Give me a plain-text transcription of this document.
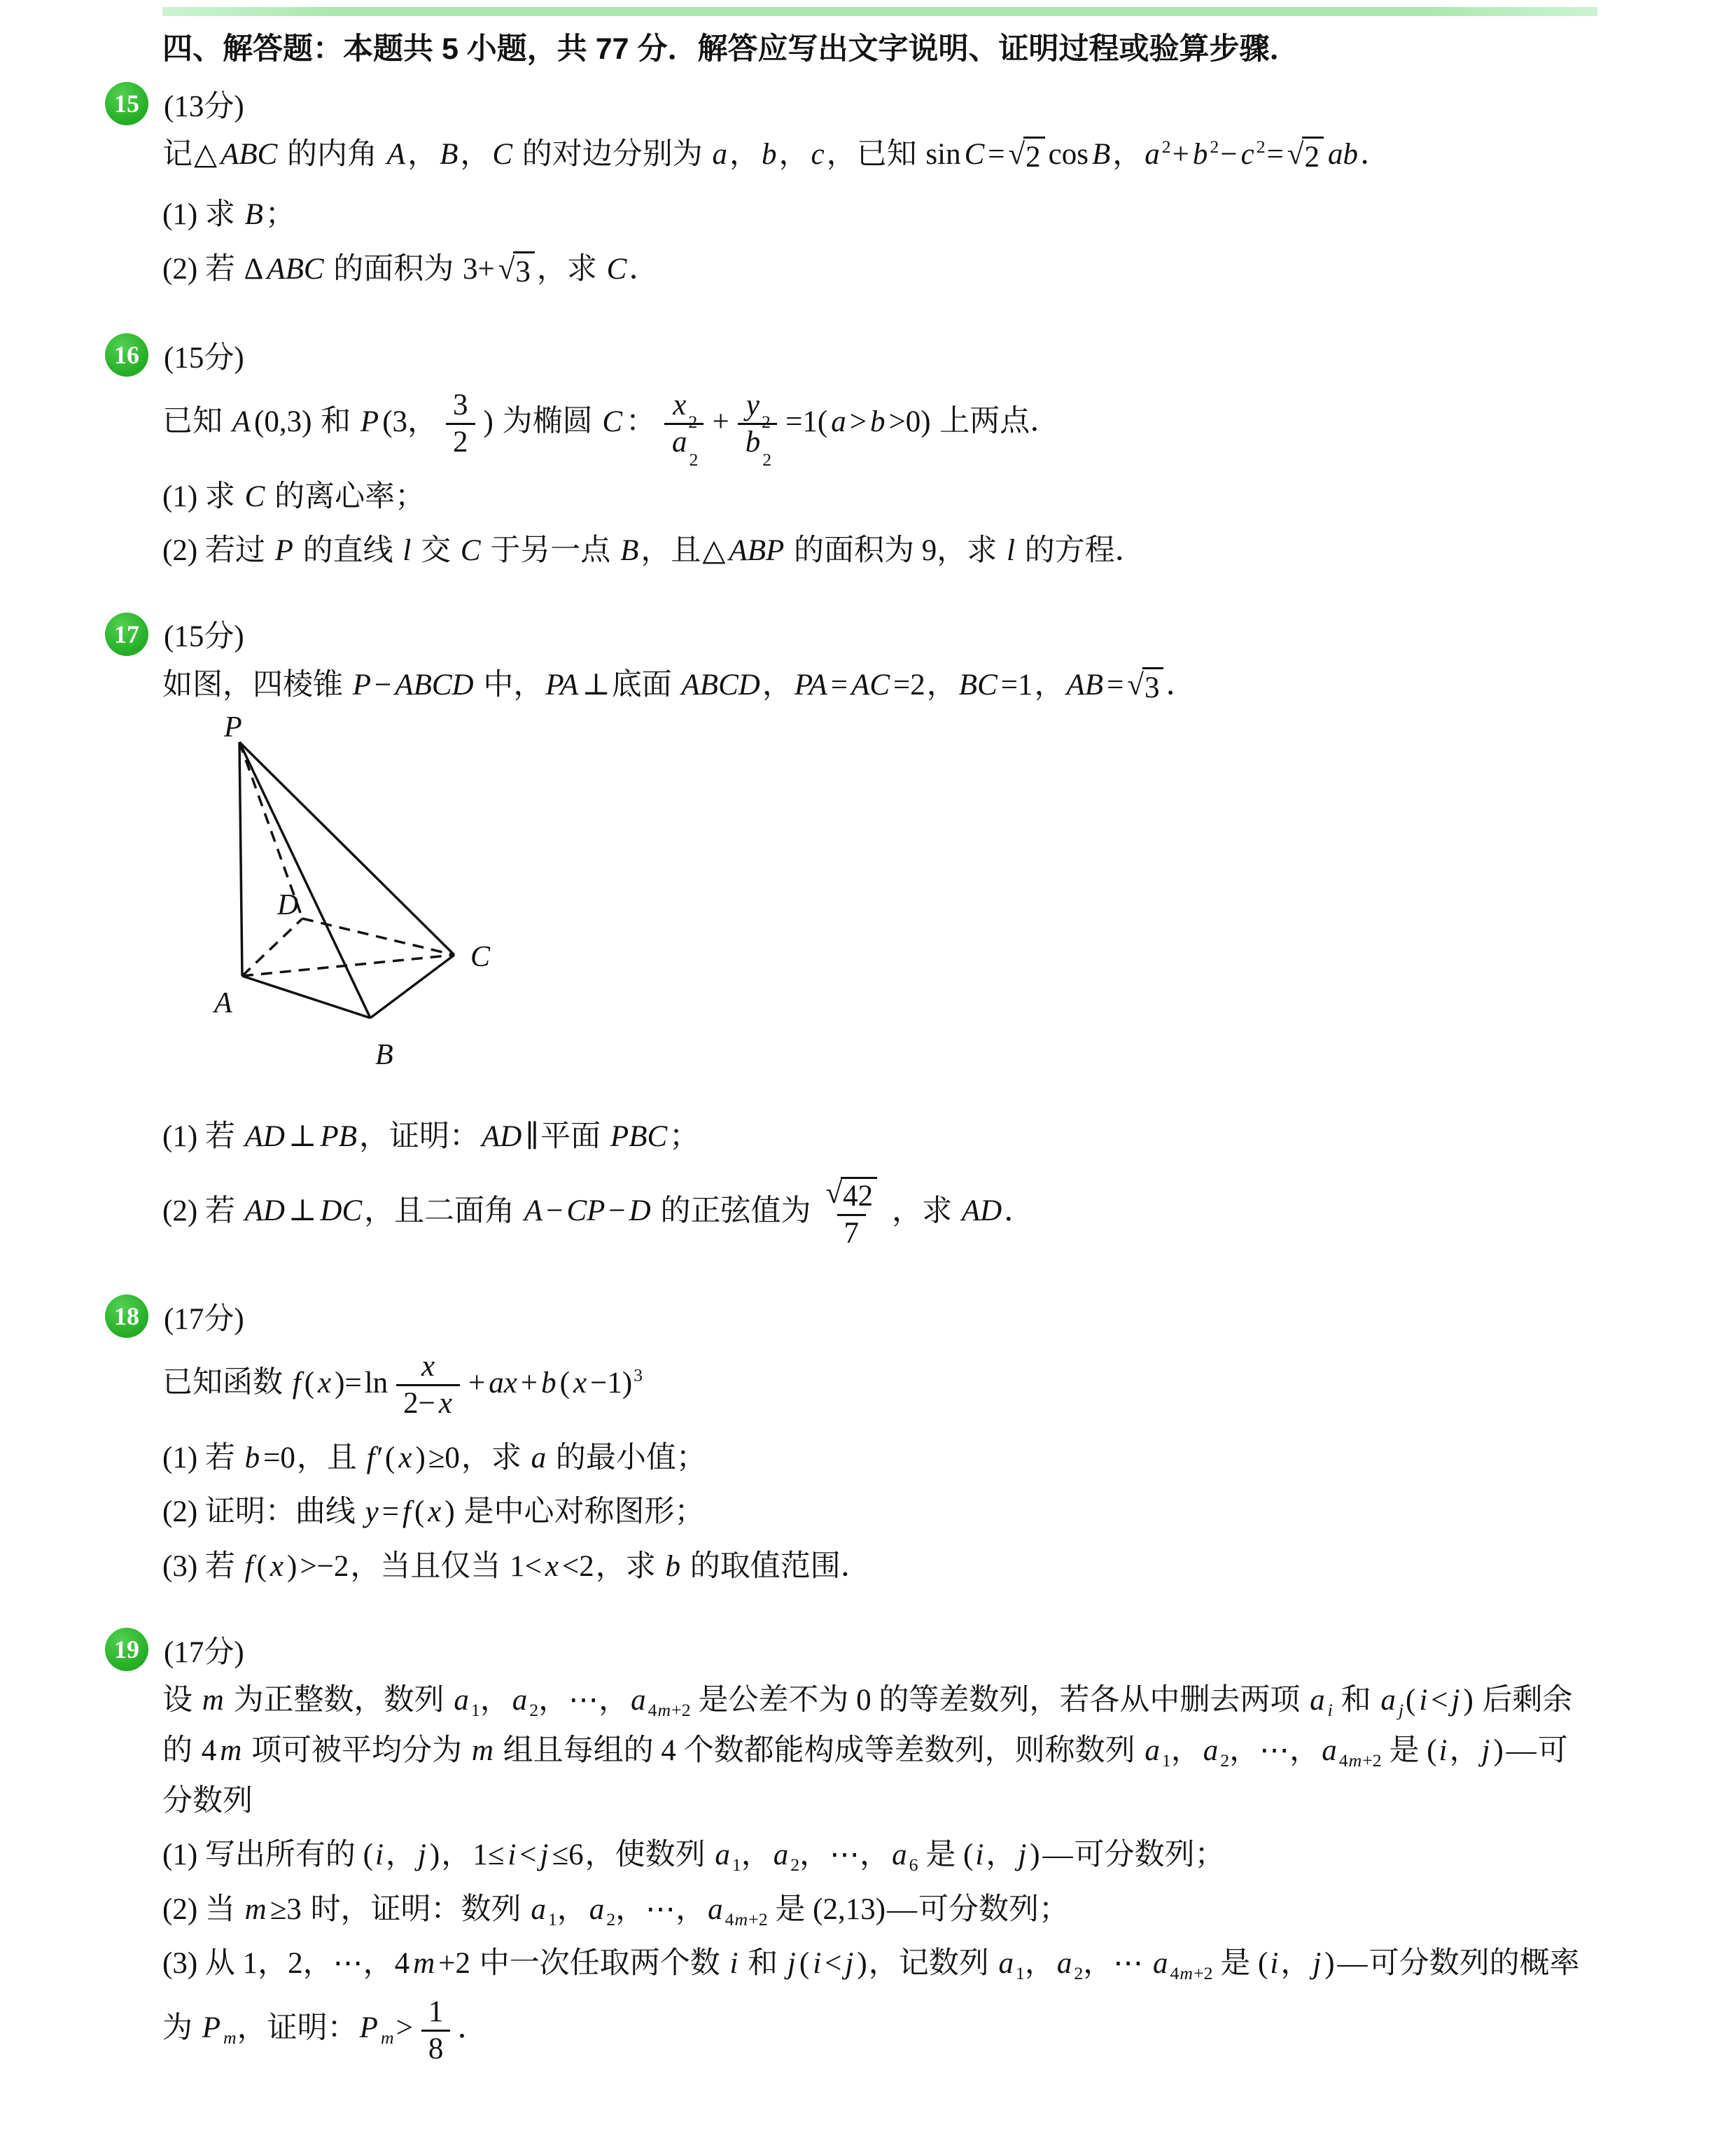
四、解答题：本题共 5 小题，共 77 分．解答应写出文字说明、证明过程或验算步骤．
15 (13分)
记△ ABC 的内角 A，B，C 的对边分别为 a，b，c，已知 sin C = √ 2 cos B，a $^2$+ b $^2$− c $^2$= √ 2 ab．
(1) 求 B；
(2) 若 Δ ABC 的面积为 3+ √ 3 ，求 C．
16 (15分)
已知 A (0,3) 和 P (3， $\frac{3}{2}$ ) 为椭圆 C ： x
2
a
2 + y
2
b
2 =1( a > b >0) 上两点．
(1) 求 C 的离心率；
(2) 若过 P 的直线 l 交 C 于另一点 B，且△ ABP 的面积为 9，求 l 的方程．
17 (15分)
如图，四棱锥 P − ABCD 中，PA ⊥底面 ABCD，PA = AC =2，BC =1，AB = √ 3 ．
P
A
B
C
D
(1) 若 AD ⊥ PB，证明：AD ∥平面 PBC；
(2) 若 AD ⊥ DC，且二面角 A − CP − D 的正弦值为 $\frac{√ 42}{7}$ ，求 AD．
18 (17分)
已知函数 f ( x )$=\ln \frac{x}{2- x}$ + ax + b ( x −1)$^3$
(1) 若 b =0，且 f′ ( x )≥0，求 a 的最小值；
(2) 证明：曲线 y = f ( x ) 是中心对称图形；
(3) 若 f ( x )>−2，当且仅当 1< x <2，求 b 的取值范围．
19 (17分)
设 m 为正整数，数列 a $_1$，a $_2$，⋯，a $_{4m+2}$ 是公差不为 0 的等差数列，若各从中删去两项 a $_i$ 和 a $_j$( i < j ) 后剩余
的 4 m 项可被平均分为 m 组且每组的 4 个数都能构成等差数列，则称数列 a $_1$，a $_2$，⋯，a $_{4m+2}$ 是 (i，j )—可
分数列
(1) 写出所有的 (i，j )，1≤ i < j ≤6，使数列 a $_1$，a $_2$，⋯，a $_6$ 是 (i，j )—可分数列；
(2) 当 m ≥3 时，证明：数列 a $_1$，a $_2$，⋯，a $_{4m+2}$ 是 (2,13)—可分数列；
(3) 从 1，2，⋯，4 m +2 中一次任取两个数 i 和 j ( i < j )，记数列 a $_1$，a $_2$，⋯ a $_{4m+2}$ 是 (i，j )—可分数列的概率
为 P $_m$，证明：P $_m> \frac{1}{8}$ ．
